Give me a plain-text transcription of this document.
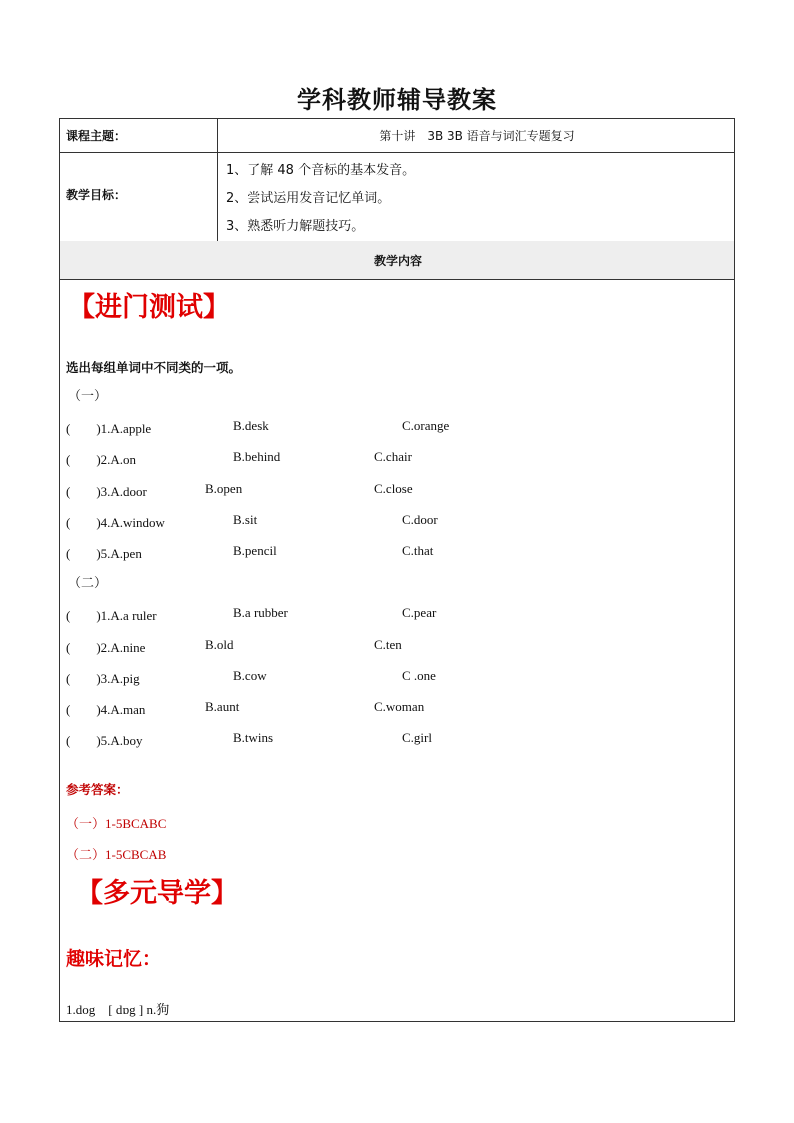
学科教师辅导教案
课程主题：	第十讲　3B 3B 语音与词汇专题复习
教学目标：
1、了解 48 个音标的基本发音。
2、尝试运用发音记忆单词。
3、熟悉听力解题技巧。
教学内容
【进门测试】
选出每组单词中不同类的一项。
（一）
(　　)1.A.apple	B.desk	C.orange
(　　)2.A.on	B.behind	C.chair
(　　)3.A.door	B.open	C.close
(　　)4.A.window	B.sit	C.door
(　　)5.A.pen	B.pencil	C.that
（二）
(　　)1.A.a ruler	B.a rubber	C.pear
(　　)2.A.nine	B.old	C.ten
(　　)3.A.pig	B.cow	C .one
(　　)4.A.man	B.aunt	C.woman
(　　)5.A.boy	B.twins	C.girl
参考答案：
（一）1-5BCABC
（二）1-5CBCAB
【多元导学】
趣味记忆：
1.dog　[ dɒg ] n.狗
